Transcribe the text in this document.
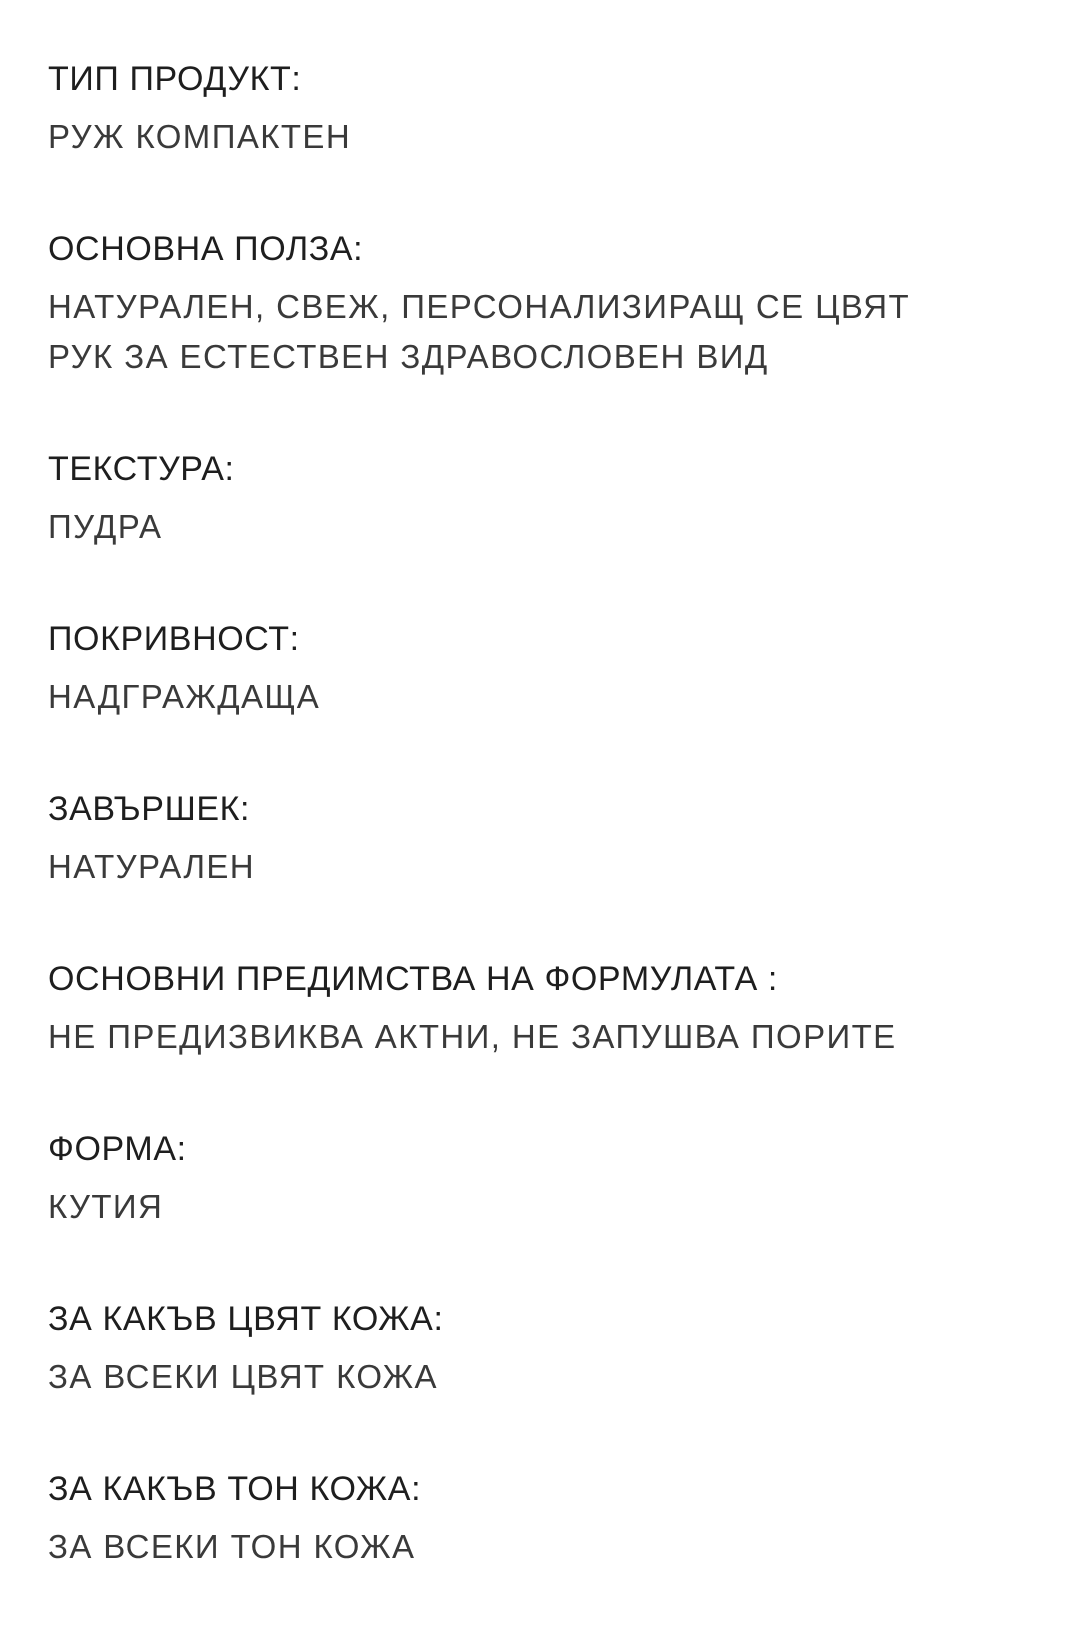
ТИП ПРОДУКТ:
РУЖ КОМПАКТЕН
ОСНОВНА ПОЛЗА:
НАТУРАЛЕН, СВЕЖ, ПЕРСОНАЛИЗИРАЩ СЕ ЦВЯТ
РУК ЗА ЕСТЕСТВЕН ЗДРАВОСЛОВЕН ВИД
ТЕКСТУРА:
ПУДРА
ПОКРИВНОСТ:
НАДГРАЖДАЩА
ЗАВЪРШЕК:
НАТУРАЛЕН
ОСНОВНИ ПРЕДИМСТВА НА ФОРМУЛАТА :
НЕ ПРЕДИЗВИКВА АКТНИ, НЕ ЗАПУШВА ПОРИТЕ
ФОРМА:
КУТИЯ
ЗА КАКЪВ ЦВЯТ КОЖА:
ЗА ВСЕКИ ЦВЯТ КОЖА
ЗА КАКЪВ ТОН КОЖА:
ЗА ВСЕКИ ТОН КОЖА
